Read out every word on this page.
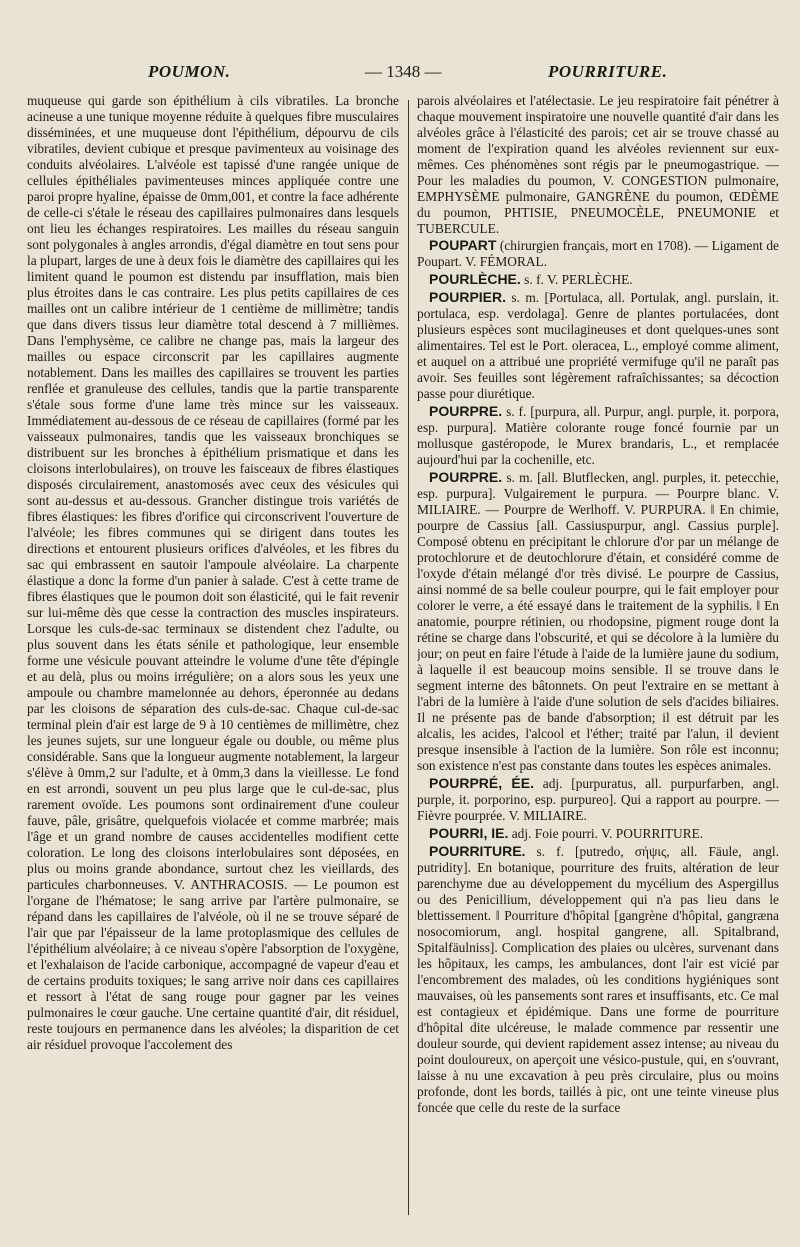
POUMON.	— 1348 —	POURRITURE.

muqueuse qui garde son épithélium à cils vibratiles. La bronche acineuse a une tunique moyenne réduite à quelques fibre musculaires disséminées, et une muqueuse dont l'épithélium, dépourvu de cils vibratiles, devient cubique et presque pavimenteux au voisinage des conduits alvéolaires. L'alvéole est tapissé d'une rangée unique de cellules épithéliales pavimenteuses minces appliquée contre une paroi propre hyaline, épaisse de 0mm,001, et contre la face adhérente de celle-ci s'étale le réseau des capillaires pulmonaires dans lesquels ont lieu les échanges respiratoires. Les mailles du réseau sanguin sont polygonales à angles arrondis, d'égal diamètre en tout sens pour la plupart, larges de une à deux fois le diamètre des capillaires qui les limitent quand le poumon est distendu par insufflation, mais bien plus étroites dans le cas contraire. Les plus petits capillaires de ces mailles ont un calibre intérieur de 1 centième de millimètre; tandis que dans divers tissus leur diamètre total descend à 7 millièmes. Dans l'emphysème, ce calibre ne change pas, mais la largeur des mailles ou espace circonscrit par les capillaires augmente notablement. Dans les mailles des capillaires se trouvent les parties renflée et granuleuse des cellules, tandis que la partie transparente s'étale sous forme d'une lame très mince sur les vaisseaux. Immédiatement au-dessous de ce réseau de capillaires (formé par les vaisseaux pulmonaires, tandis que les vaisseaux bronchiques se distribuent sur les bronches à épithélium prismatique et dans les cloisons interlobulaires), on trouve les faisceaux de fibres élastiques disposés circulairement, anastomosés avec ceux des vésicules qui sont au-dessus et au-dessous. Grancher distingue trois variétés de fibres élastiques: les fibres d'orifice qui circonscrivent l'ouverture de l'alvéole; les fibres communes qui se dirigent dans toutes les directions et entourent plusieurs orifices d'alvéoles, et les fibres du sac qui embrassent en sautoir l'ampoule alvéolaire. La charpente élastique a donc la forme d'un panier à salade. C'est à cette trame de fibres élastiques que le poumon doit son élasticité, qui le fait revenir sur lui-même dès que cesse la contraction des muscles inspirateurs. Lorsque les culs-de-sac terminaux se distendent chez l'adulte, ou plus souvent dans les états sénile et pathologique, leur ensemble forme une vésicule pouvant atteindre le volume d'une tête d'épingle et au delà, plus ou moins irrégulière; on a alors sous les yeux une ampoule ou chambre mamelonnée au dehors, éperonnée au dedans par les cloisons de séparation des culs-de-sac. Chaque cul-de-sac terminal plein d'air est large de 9 à 10 centièmes de millimètre, chez les jeunes sujets, sur une longueur égale ou double, ou même plus considérable. Sans que la longueur augmente notablement, la largeur s'élève à 0mm,2 sur l'adulte, et à 0mm,3 dans la vieillesse. Le fond en est arrondi, souvent un peu plus large que le cul-de-sac, plus rarement ovoïde. Les poumons sont ordinairement d'une couleur fauve, pâle, grisâtre, quelquefois violacée et comme marbrée; mais l'âge et un grand nombre de causes accidentelles modifient cette coloration. Le long des cloisons interlobulaires sont déposées, en plus ou moins grande abondance, surtout chez les vieillards, des particules charbonneuses. V. ANTHRACOSIS. — Le poumon est l'organe de l'hématose; le sang arrive par l'artère pulmonaire, se répand dans les capillaires de l'alvéole, où il ne se trouve séparé de l'air que par l'épaisseur de la lame protoplasmique des cellules de l'épithélium alvéolaire; à ce niveau s'opère l'absorption de l'oxygène, et l'exhalaison de l'acide carbonique, accompagné de vapeur d'eau et de certains produits toxiques; le sang arrive noir dans ces capillaires et ressort à l'état de sang rouge pour gagner par les veines pulmonaires le cœur gauche. Une certaine quantité d'air, dit résiduel, reste toujours en permanence dans les alvéoles; la disparition de cet air résiduel provoque l'accolement des

parois alvéolaires et l'atélectasie. Le jeu respiratoire fait pénétrer à chaque mouvement inspiratoire une nouvelle quantité d'air dans les alvéoles grâce à l'élasticité des parois; cet air se trouve chassé au moment de l'expiration quand les alvéoles reviennent sur eux-mêmes. Ces phénomènes sont régis par le pneumogastrique. — Pour les maladies du poumon, V. CONGESTION pulmonaire, EMPHYSÈME pulmonaire, GANGRÈNE du poumon, ŒDÈME du poumon, PHTISIE, PNEUMOCÈLE, PNEUMONIE et TUBERCULE.

POUPART (chirurgien français, mort en 1708). — Ligament de Poupart. V. FÉMORAL.

POURLÈCHE. s. f. V. PERLÈCHE.

POURPIER. s. m. [Portulaca, all. Portulak, angl. purslain, it. portulaca, esp. verdolaga]. Genre de plantes portulacées, dont plusieurs espèces sont mucilagineuses et dont quelques-unes sont alimentaires. Tel est le Port. oleracea, L., employé comme aliment, et auquel on a attribué une propriété vermifuge qu'il ne paraît pas avoir. Ses feuilles sont légèrement rafraîchissantes; sa décoction passe pour diurétique.

POURPRE. s. f. [purpura, all. Purpur, angl. purple, it. porpora, esp. purpura]. Matière colorante rouge foncé fournie par un mollusque gastéropode, le Murex brandaris, L., et remplacée aujourd'hui par la cochenille, etc.

POURPRE. s. m. [all. Blutflecken, angl. purples, it. petecchie, esp. purpura]. Vulgairement le purpura. — Pourpre blanc. V. MILIAIRE. — Pourpre de Werlhoff. V. PURPURA. ‖ En chimie, pourpre de Cassius [all. Cassiuspurpur, angl. Cassius purple]. Composé obtenu en précipitant le chlorure d'or par un mélange de protochlorure et de deutochlorure d'étain, et considéré comme de l'oxyde d'étain mélangé d'or très divisé. Le pourpre de Cassius, ainsi nommé de sa belle couleur pourpre, qui le fait employer pour colorer le verre, a été essayé dans le traitement de la syphilis. ‖ En anatomie, pourpre rétinien, ou rhodopsine, pigment rouge dont la rétine se charge dans l'obscurité, et qui se décolore à la lumière du jour; on peut en faire l'étude à l'aide de la lumière jaune du sodium, à laquelle il est beaucoup moins sensible. Il se trouve dans le segment interne des bâtonnets. On peut l'extraire en se mettant à l'abri de la lumière à l'aide d'une solution de sels d'acides biliaires. Il ne présente pas de bande d'absorption; il est détruit par les alcalis, les acides, l'alcool et l'éther; traité par l'alun, il devient presque insensible à l'action de la lumière. Son rôle est inconnu; son existence n'est pas constante dans toutes les espèces animales.

POURPRÉ, ÉE. adj. [purpuratus, all. purpurfarben, angl. purple, it. porporino, esp. purpureo]. Qui a rapport au pourpre. — Fièvre pourprée. V. MILIAIRE.

POURRI, IE. adj. Foie pourri. V. POURRITURE.

POURRITURE. s. f. [putredo, σήψις, all. Fäule, angl. putridity]. En botanique, pourriture des fruits, altération de leur parenchyme due au développement du mycélium des Aspergillus ou des Penicillium, développement qui n'a pas lieu dans le blettissement. ‖ Pourriture d'hôpital [gangrène d'hôpital, gangræna nosocomiorum, angl. hospital gangrene, all. Spitalbrand, Spitalfäulniss]. Complication des plaies ou ulcères, survenant dans les hôpitaux, les camps, les ambulances, dont l'air est vicié par l'encombrement des malades, où les conditions hygiéniques sont mauvaises, où les pansements sont rares et insuffisants, etc. Ce mal est contagieux et épidémique. Dans une forme de pourriture d'hôpital dite ulcéreuse, le malade commence par ressentir une douleur sourde, qui devient rapidement assez intense; au niveau du point douloureux, on aperçoit une vésico-pustule, qui, en s'ouvrant, laisse à nu une excavation à peu près circulaire, plus ou moins profonde, dont les bords, taillés à pic, ont une teinte vineuse plus foncée que celle du reste de la surface
